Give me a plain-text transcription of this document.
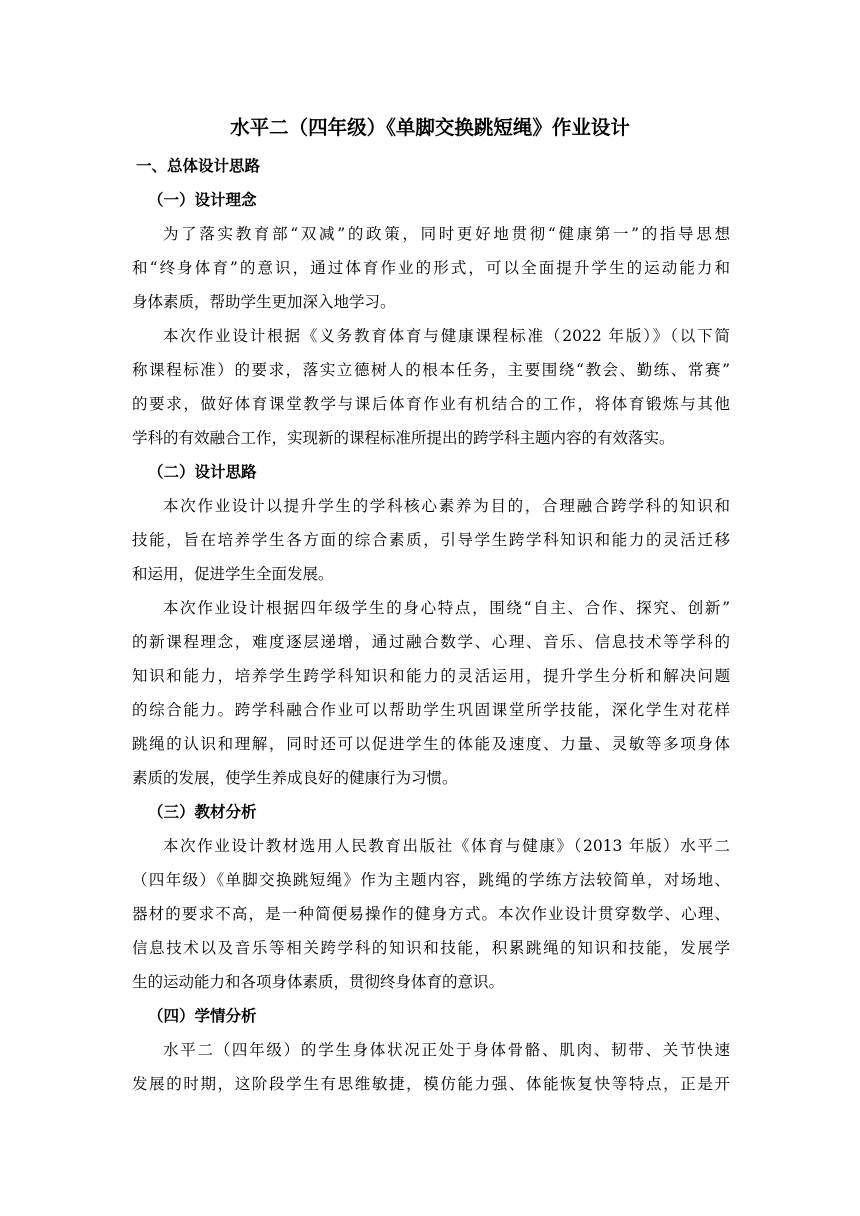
水平二（四年级）《单脚交换跳短绳》作业设计
一、总体设计思路
（一）设计理念
为了落实教育部“双减”的政策，同时更好地贯彻“健康第一”的指导思想
和“终身体育”的意识，通过体育作业的形式，可以全面提升学生的运动能力和
身体素质，帮助学生更加深入地学习。
本次作业设计根据《义务教育体育与健康课程标准（2022 年版）》（以下简
称课程标准）的要求，落实立德树人的根本任务，主要围绕“教会、勤练、常赛”
的要求，做好体育课堂教学与课后体育作业有机结合的工作，将体育锻炼与其他
学科的有效融合工作，实现新的课程标准所提出的跨学科主题内容的有效落实。
（二）设计思路
本次作业设计以提升学生的学科核心素养为目的，合理融合跨学科的知识和
技能，旨在培养学生各方面的综合素质，引导学生跨学科知识和能力的灵活迁移
和运用，促进学生全面发展。
本次作业设计根据四年级学生的身心特点，围绕“自主、合作、探究、创新”
的新课程理念，难度逐层递增，通过融合数学、心理、音乐、信息技术等学科的
知识和能力，培养学生跨学科知识和能力的灵活运用，提升学生分析和解决问题
的综合能力。跨学科融合作业可以帮助学生巩固课堂所学技能，深化学生对花样
跳绳的认识和理解，同时还可以促进学生的体能及速度、力量、灵敏等多项身体
素质的发展，使学生养成良好的健康行为习惯。
（三）教材分析
本次作业设计教材选用人民教育出版社《体育与健康》（2013 年版）水平二
（四年级）《单脚交换跳短绳》作为主题内容，跳绳的学练方法较简单，对场地、
器材的要求不高，是一种简便易操作的健身方式。本次作业设计贯穿数学、心理、
信息技术以及音乐等相关跨学科的知识和技能，积累跳绳的知识和技能，发展学
生的运动能力和各项身体素质，贯彻终身体育的意识。
（四）学情分析
水平二（四年级）的学生身体状况正处于身体骨骼、肌肉、韧带、关节快速
发展的时期，这阶段学生有思维敏捷，模仿能力强、体能恢复快等特点，正是开
